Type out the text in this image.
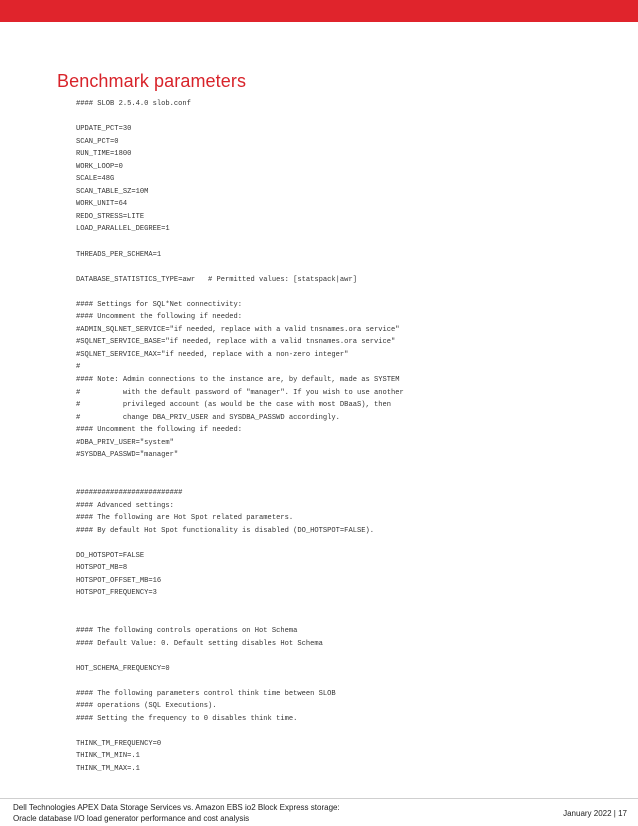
Benchmark parameters
#### SLOB 2.5.4.0 slob.conf
UPDATE_PCT=30
SCAN_PCT=0
RUN_TIME=1800
WORK_LOOP=0
SCALE=48G
SCAN_TABLE_SZ=10M
WORK_UNIT=64
REDO_STRESS=LITE
LOAD_PARALLEL_DEGREE=1
THREADS_PER_SCHEMA=1
DATABASE_STATISTICS_TYPE=awr   # Permitted values: [statspack|awr]
#### Settings for SQL*Net connectivity:
#### Uncomment the following if needed:
#ADMIN_SQLNET_SERVICE="if needed, replace with a valid tnsnames.ora service"
#SQLNET_SERVICE_BASE="if needed, replace with a valid tnsnames.ora service"
#SQLNET_SERVICE_MAX="if needed, replace with a non-zero integer"
#
#### Note: Admin connections to the instance are, by default, made as SYSTEM
#          with the default password of "manager". If you wish to use another
#          privileged account (as would be the case with most DBaaS), then
#          change DBA_PRIV_USER and SYSDBA_PASSWD accordingly.
#### Uncomment the following if needed:
#DBA_PRIV_USER="system"
#SYSDBA_PASSWD="manager"
#########################
#### Advanced settings:
#### The following are Hot Spot related parameters.
#### By default Hot Spot functionality is disabled (DO_HOTSPOT=FALSE).
DO_HOTSPOT=FALSE
HOTSPOT_MB=8
HOTSPOT_OFFSET_MB=16
HOTSPOT_FREQUENCY=3
#### The following controls operations on Hot Schema
#### Default Value: 0. Default setting disables Hot Schema
HOT_SCHEMA_FREQUENCY=0
#### The following parameters control think time between SLOB
#### operations (SQL Executions).
#### Setting the frequency to 0 disables think time.
THINK_TM_FREQUENCY=0
THINK_TM_MIN=.1
THINK_TM_MAX=.1
Dell Technologies APEX Data Storage Services vs. Amazon EBS io2 Block Express storage:
Oracle database I/O load generator performance and cost analysis	January 2022 | 17
